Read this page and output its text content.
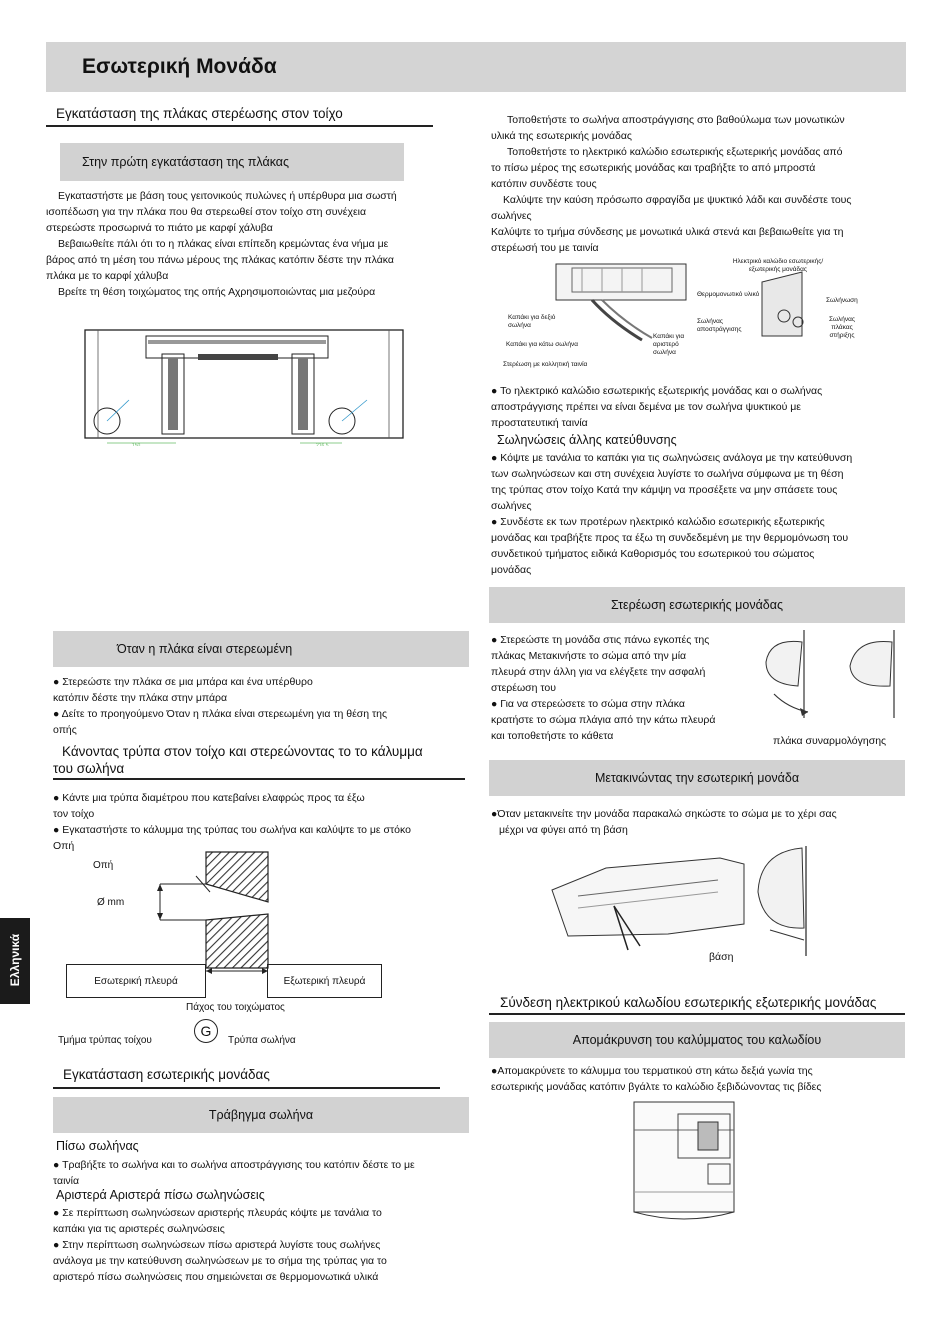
Εσωτερική Μονάδα
Ελληνικά
Εγκατάσταση της πλάκας στερέωσης στον τοίχο
Στην πρώτη εγκατάσταση της πλάκας
Εγκαταστήστε με βάση τους γειτονικούς πυλώνες ή υπέρθυρα μια σωστή
ισοπέδωση για την πλάκα που θα στερεωθεί στον τοίχο στη συνέχεια
στερεώστε προσωρινά το πιάτο με καρφί χάλυβα
Βεβαιωθείτε πάλι ότι το η πλάκας είναι επίπεδη κρεμώντας ένα νήμα με
βάρος από τη μέση του πάνω μέρους της πλάκας κατόπιν δέστε την πλάκα
πλάκα με το καρφί χάλυβα
Βρείτε τη θέση τοιχώματος της οπής Αχρησιμοποιώντας μια μεζούρα
150	216.5
Όταν η πλάκα είναι στερεωμένη
● Στερεώστε την πλάκα σε μια μπάρα και ένα υπέρθυρο
κατόπιν δέστε την πλάκα στην μπάρα
● Δείτε το προηγούμενο Όταν η πλάκα είναι στερεωμένη για τη θέση της
οπής
Κάνοντας τρύπα στον τοίχο και στερεώνοντας το το κάλυμμα
του σωλήνα
● Κάντε μια τρύπα διαμέτρου που κατεβαίνει ελαφρώς προς τα έξω
τον τοίχο
● Εγκαταστήστε το κάλυμμα της τρύπας του σωλήνα και καλύψτε το με στόκο
Οπή
Οπή
Ø mm
Εσωτερική πλευρά	Εξωτερική πλευρά
Πάχος του τοιχώματος
Τμήμα τρύπας τοίχου
G
Τρύπα σωλήνα
Εγκατάσταση εσωτερικής μονάδας
Τράβηγμα σωλήνα
Πίσω σωλήνας
● Τραβήξτε το σωλήνα και το σωλήνα αποστράγγισης του κατόπιν δέστε το με
ταινία
Αριστερά Αριστερά πίσω σωληνώσεις
● Σε περίπτωση σωληνώσεων αριστερής πλευράς κόψτε με τανάλια το
καπάκι για τις αριστερές σωληνώσεις
● Στην περίπτωση σωληνώσεων πίσω αριστερά λυγίστε τους σωλήνες
ανάλογα με την κατεύθυνση σωληνώσεων με το σήμα της τρύπας για το
αριστερό πίσω σωληνώσεις που σημειώνεται σε θερμομονωτικά υλικά
Τοποθετήστε το σωλήνα αποστράγγισης στο βαθούλωμα των μονωτικών
υλικά της εσωτερικής μονάδας
Τοποθετήστε το ηλεκτρικό καλώδιο εσωτερικής εξωτερικής μονάδας από
το πίσω μέρος της εσωτερικής μονάδας και τραβήξτε το από μπροστά
κατόπιν συνδέστε τους
Καλύψτε την καύση πρόσωπο σφραγίδα με ψυκτικό λάδι και συνδέστε τους
σωλήνες
Καλύψτε το τμήμα σύνδεσης με μονωτικά υλικά στενά και βεβαιωθείτε για τη
στερέωσή του με ταινία
Ηλεκτρικό καλώδιο εσωτερικής/ εξωτερικής μονάδας
Θερμομονωτικό υλικό
Σωλήνωση
Καπάκι για δεξιό σωλήνα
Σωλήνας αποστράγγισης
Σωλήνας πλάκας στήριξης
Καπάκι για κάτω σωλήνα
Καπάκι για αριστερό σωλήνα
Στερέωση με κολλητική ταινία
● Το ηλεκτρικό καλώδιο εσωτερικής εξωτερικής μονάδας και ο σωλήνας
αποστράγγισης πρέπει να είναι δεμένα με τον σωλήνα ψυκτικού με
προστατευτική ταινία
Σωληνώσεις άλλης κατεύθυνσης
● Κόψτε με τανάλια το καπάκι για τις σωληνώσεις ανάλογα με την κατεύθυνση
των σωληνώσεων και στη συνέχεια λυγίστε το σωλήνα σύμφωνα με τη θέση
της τρύπας στον τοίχο Κατά την κάμψη να προσέξετε να μην σπάσετε τους
σωλήνες
● Συνδέστε εκ των προτέρων ηλεκτρικό καλώδιο εσωτερικής εξωτερικής
μονάδας και τραβήξτε προς τα έξω τη συνδεδεμένη με την θερμομόνωση του
συνδετικού τμήματος ειδικά Καθορισμός του εσωτερικού του σώματος
μονάδας
Στερέωση εσωτερικής μονάδας
● Στερεώστε τη μονάδα στις πάνω εγκοπές της
πλάκας Μετακινήστε το σώμα από την μία
πλευρά στην άλλη για να ελέγξετε την ασφαλή
στερέωση του
● Για να στερεώσετε το σώμα στην πλάκα
κρατήστε το σώμα πλάγια από την κάτω πλευρά
και τοποθετήστε το κάθετα	πλάκα συναρμολόγησης
Μετακινώντας την εσωτερική μονάδα
●Όταν μετακινείτε την μονάδα παρακαλώ σηκώστε το σώμα με το χέρι σας
μέχρι να φύγει από τη βάση
βάση
Σύνδεση ηλεκτρικού καλωδίου εσωτερικής εξωτερικής μονάδας
Απομάκρυνση του καλύμματος του καλωδίου
●Απομακρύνετε το κάλυμμα του τερματικού στη κάτω δεξιά γωνία της
εσωτερικής μονάδας κατόπιν βγάλτε το καλώδιο ξεβιδώνοντας τις βίδες
